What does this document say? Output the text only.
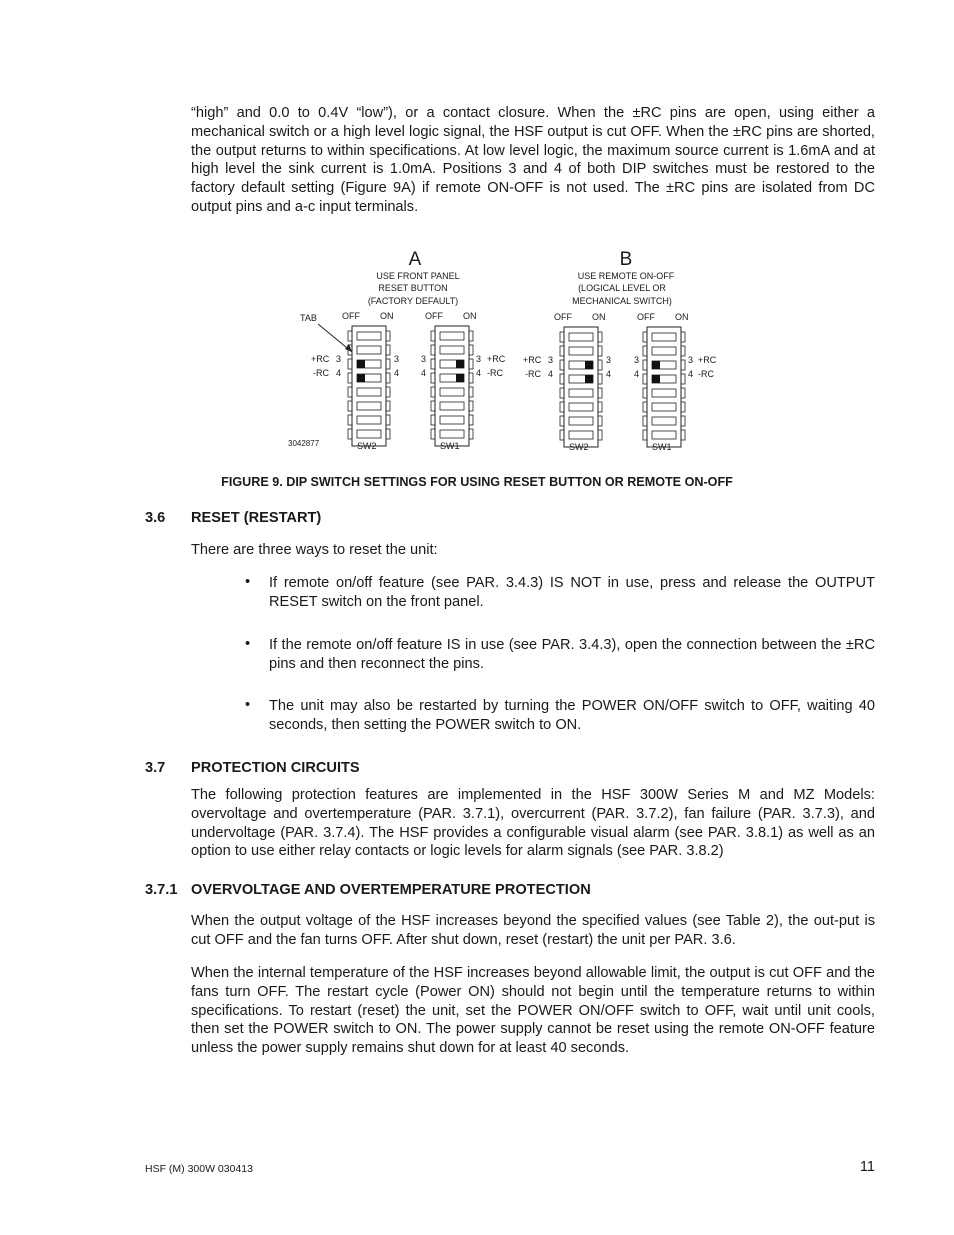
“high” and 0.0 to 0.4V “low”), or a contact closure. When the ±RC pins are open, using either a mechanical switch or a high level logic signal, the HSF output is cut OFF. When the ±RC pins are shorted, the output returns to within specifications. At low level logic, the maximum source current is 1.6mA and at high level the sink current is 1.0mA. Positions 3 and 4 of both DIP switches must be restored to the factory default setting (Figure 9A) if remote ON-OFF is not used. The ±RC pins are isolated from DC output pins and a-c input terminals.

A
USE FRONT PANEL
RESET BUTTON
(FACTORY DEFAULT)
TAB	OFF ON
+RC 3
-RC 4
3
4
SW2
OFF ON
3
4
3 +RC
4 -RC
SW1
3042877
B
USE REMOTE ON-OFF
(LOGICAL LEVEL OR
MECHANICAL SWITCH)
OFF ON
+RC 3
-RC 4
3
4
SW2
OFF ON
3
4
3 +RC
4 -RC
SW1
FIGURE 9. DIP SWITCH SETTINGS FOR USING RESET BUTTON OR REMOTE ON-OFF
3.6 RESET (RESTART)

There are three ways to reset the unit:

• If remote on/off feature (see PAR. 3.4.3) IS NOT in use, press and release the OUTPUT RESET switch on the front panel.

• If the remote on/off feature IS in use (see PAR. 3.4.3), open the connection between the ±RC pins and then reconnect the pins.

• The unit may also be restarted by turning the POWER ON/OFF switch to OFF, waiting 40 seconds, then setting the POWER switch to ON.

3.7 PROTECTION CIRCUITS

The following protection features are implemented in the HSF 300W Series M and MZ Models: overvoltage and overtemperature (PAR. 3.7.1), overcurrent (PAR. 3.7.2), fan failure (PAR. 3.7.3), and undervoltage (PAR. 3.7.4). The HSF provides a configurable visual alarm (see PAR. 3.8.1) as well as an option to use either relay contacts or logic levels for alarm signals (see PAR. 3.8.2)

3.7.1 OVERVOLTAGE AND OVERTEMPERATURE PROTECTION

When the output voltage of the HSF increases beyond the specified values (see Table 2), the out-put is cut OFF and the fan turns OFF. After shut down, reset (restart) the unit per PAR. 3.6.

When the internal temperature of the HSF increases beyond allowable limit, the output is cut OFF and the fans turn OFF. The restart cycle (Power ON) should not begin until the temperature returns to within specifications. To restart (reset) the unit, set the POWER ON/OFF switch to OFF, wait until unit cools, then set the POWER switch to ON. The power supply cannot be reset using the remote ON-OFF feature unless the power supply remains shut down for at least 40 seconds.

HSF (M) 300W 030413	11
